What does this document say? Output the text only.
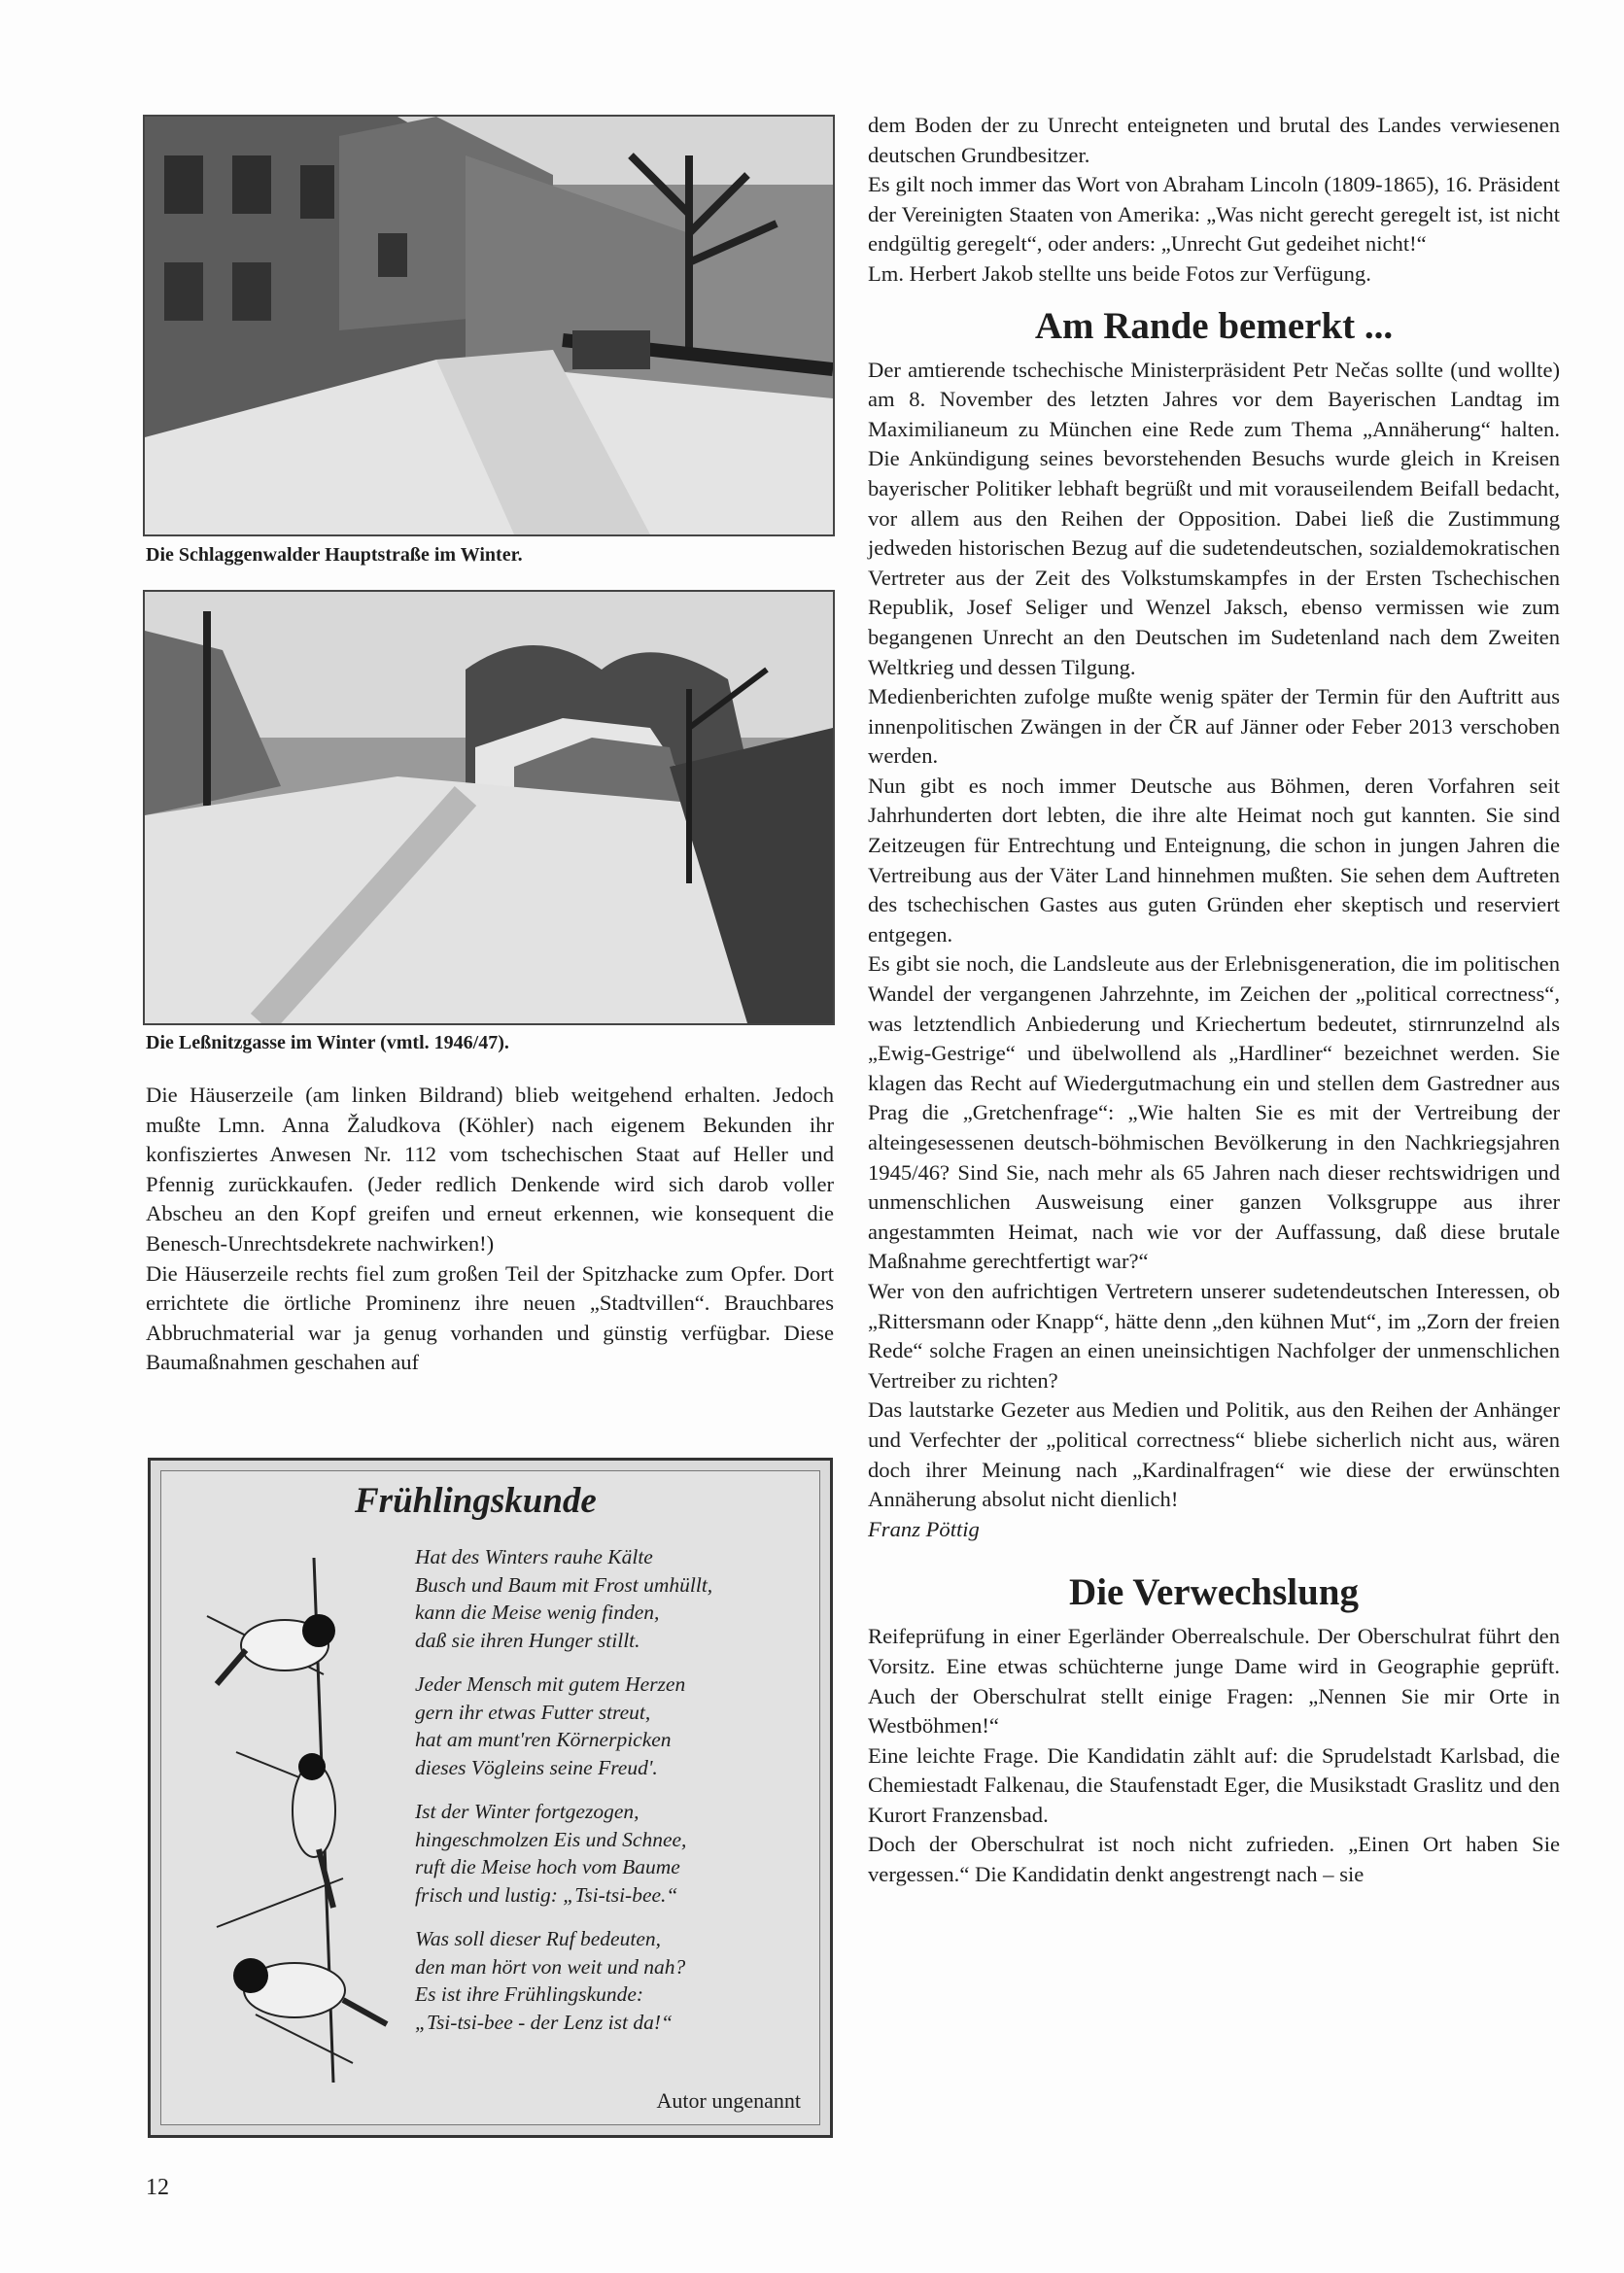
Die Schlaggenwalder Hauptstraße im Winter.
Die Leßnitzgasse im Winter (vmtl. 1946/47).

Die Häuserzeile (am linken Bildrand) blieb weitgehend erhalten. Jedoch mußte Lmn. Anna Žaludkova (Köhler) nach eigenem Bekunden ihr konfisziertes Anwesen Nr. 112 vom tschechischen Staat auf Heller und Pfennig zurückkaufen. (Jeder redlich Denkende wird sich darob voller Abscheu an den Kopf greifen und erneut erkennen, wie konsequent die Benesch-Unrechtsdekrete nachwirken!)

Die Häuserzeile rechts fiel zum großen Teil der Spitzhacke zum Opfer. Dort errichtete die örtliche Prominenz ihre neuen „Stadtvillen“. Brauchbares Abbruchmaterial war ja genug vorhanden und günstig verfügbar. Diese Baumaßnahmen geschahen auf

Frühlingskunde
Hat des Winters rauhe Kälte
Busch und Baum mit Frost umhüllt,
kann die Meise wenig finden,
daß sie ihren Hunger stillt.
Jeder Mensch mit gutem Herzen
gern ihr etwas Futter streut,
hat am munt'ren Körnerpicken
dieses Vögleins seine Freud'.
Ist der Winter fortgezogen,
hingeschmolzen Eis und Schnee,
ruft die Meise hoch vom Baume
frisch und lustig: „Tsi-tsi-bee.“
Was soll dieser Ruf bedeuten,
den man hört von weit und nah?
Es ist ihre Frühlingskunde:
„Tsi-tsi-bee - der Lenz ist da!“
Autor ungenannt

dem Boden der zu Unrecht enteigneten und brutal des Landes verwiesenen deutschen Grundbesitzer.

Es gilt noch immer das Wort von Abraham Lincoln (1809-1865), 16. Präsident der Vereinigten Staaten von Amerika: „Was nicht gerecht geregelt ist, ist nicht endgültig geregelt“, oder anders: „Unrecht Gut gedeihet nicht!“

Lm. Herbert Jakob stellte uns beide Fotos zur Verfügung.

Am Rande bemerkt ...

Der amtierende tschechische Ministerpräsident Petr Nečas sollte (und wollte) am 8. November des letzten Jahres vor dem Bayerischen Landtag im Maximilianeum zu München eine Rede zum Thema „Annäherung“ halten. Die Ankündigung seines bevorstehenden Besuchs wurde gleich in Kreisen bayerischer Politiker lebhaft begrüßt und mit vorauseilendem Beifall bedacht, vor allem aus den Reihen der Opposition. Dabei ließ die Zustimmung jedweden historischen Bezug auf die sudetendeutschen, sozialdemokratischen Vertreter aus der Zeit des Volkstumskampfes in der Ersten Tschechischen Republik, Josef Seliger und Wenzel Jaksch, ebenso vermissen wie zum begangenen Unrecht an den Deutschen im Sudetenland nach dem Zweiten Weltkrieg und dessen Tilgung.

Medienberichten zufolge mußte wenig später der Termin für den Auftritt aus innenpolitischen Zwängen in der ČR auf Jänner oder Feber 2013 verschoben werden.

Nun gibt es noch immer Deutsche aus Böhmen, deren Vorfahren seit Jahrhunderten dort lebten, die ihre alte Heimat noch gut kannten. Sie sind Zeitzeugen für Entrechtung und Enteignung, die schon in jungen Jahren die Vertreibung aus der Väter Land hinnehmen mußten. Sie sehen dem Auftreten des tschechischen Gastes aus guten Gründen eher skeptisch und reserviert entgegen.

Es gibt sie noch, die Landsleute aus der Erlebnisgeneration, die im politischen Wandel der vergangenen Jahrzehnte, im Zeichen der „political correctness“, was letztendlich Anbiederung und Kriechertum bedeutet, stirnrunzelnd als „Ewig-Gestrige“ und übelwollend als „Hardliner“ bezeichnet werden. Sie klagen das Recht auf Wiedergutmachung ein und stellen dem Gastredner aus Prag die „Gretchenfrage“: „Wie halten Sie es mit der Vertreibung der alteingesessenen deutsch-böhmischen Bevölkerung in den Nachkriegsjahren 1945/46? Sind Sie, nach mehr als 65 Jahren nach dieser rechtswidrigen und unmenschlichen Ausweisung einer ganzen Volksgruppe aus ihrer angestammten Heimat, nach wie vor der Auffassung, daß diese brutale Maßnahme gerechtfertigt war?“

Wer von den aufrichtigen Vertretern unserer sudetendeutschen Interessen, ob „Rittersmann oder Knapp“, hätte denn „den kühnen Mut“, im „Zorn der freien Rede“ solche Fragen an einen uneinsichtigen Nachfolger der unmenschlichen Vertreiber zu richten?

Das lautstarke Gezeter aus Medien und Politik, aus den Reihen der Anhänger und Verfechter der „political correctness“ bliebe sicherlich nicht aus, wären doch ihrer Meinung nach „Kardinalfragen“ wie diese der erwünschten Annäherung absolut nicht dienlich!

Franz Pöttig

Die Verwechslung

Reifeprüfung in einer Egerländer Oberrealschule. Der Oberschulrat führt den Vorsitz. Eine etwas schüchterne junge Dame wird in Geographie geprüft. Auch der Oberschulrat stellt einige Fragen: „Nennen Sie mir Orte in Westböhmen!“

Eine leichte Frage. Die Kandidatin zählt auf: die Sprudelstadt Karlsbad, die Chemiestadt Falkenau, die Staufenstadt Eger, die Musikstadt Graslitz und den Kurort Franzensbad.

Doch der Oberschulrat ist noch nicht zufrieden. „Einen Ort haben Sie vergessen.“ Die Kandidatin denkt angestrengt nach – sie

12
